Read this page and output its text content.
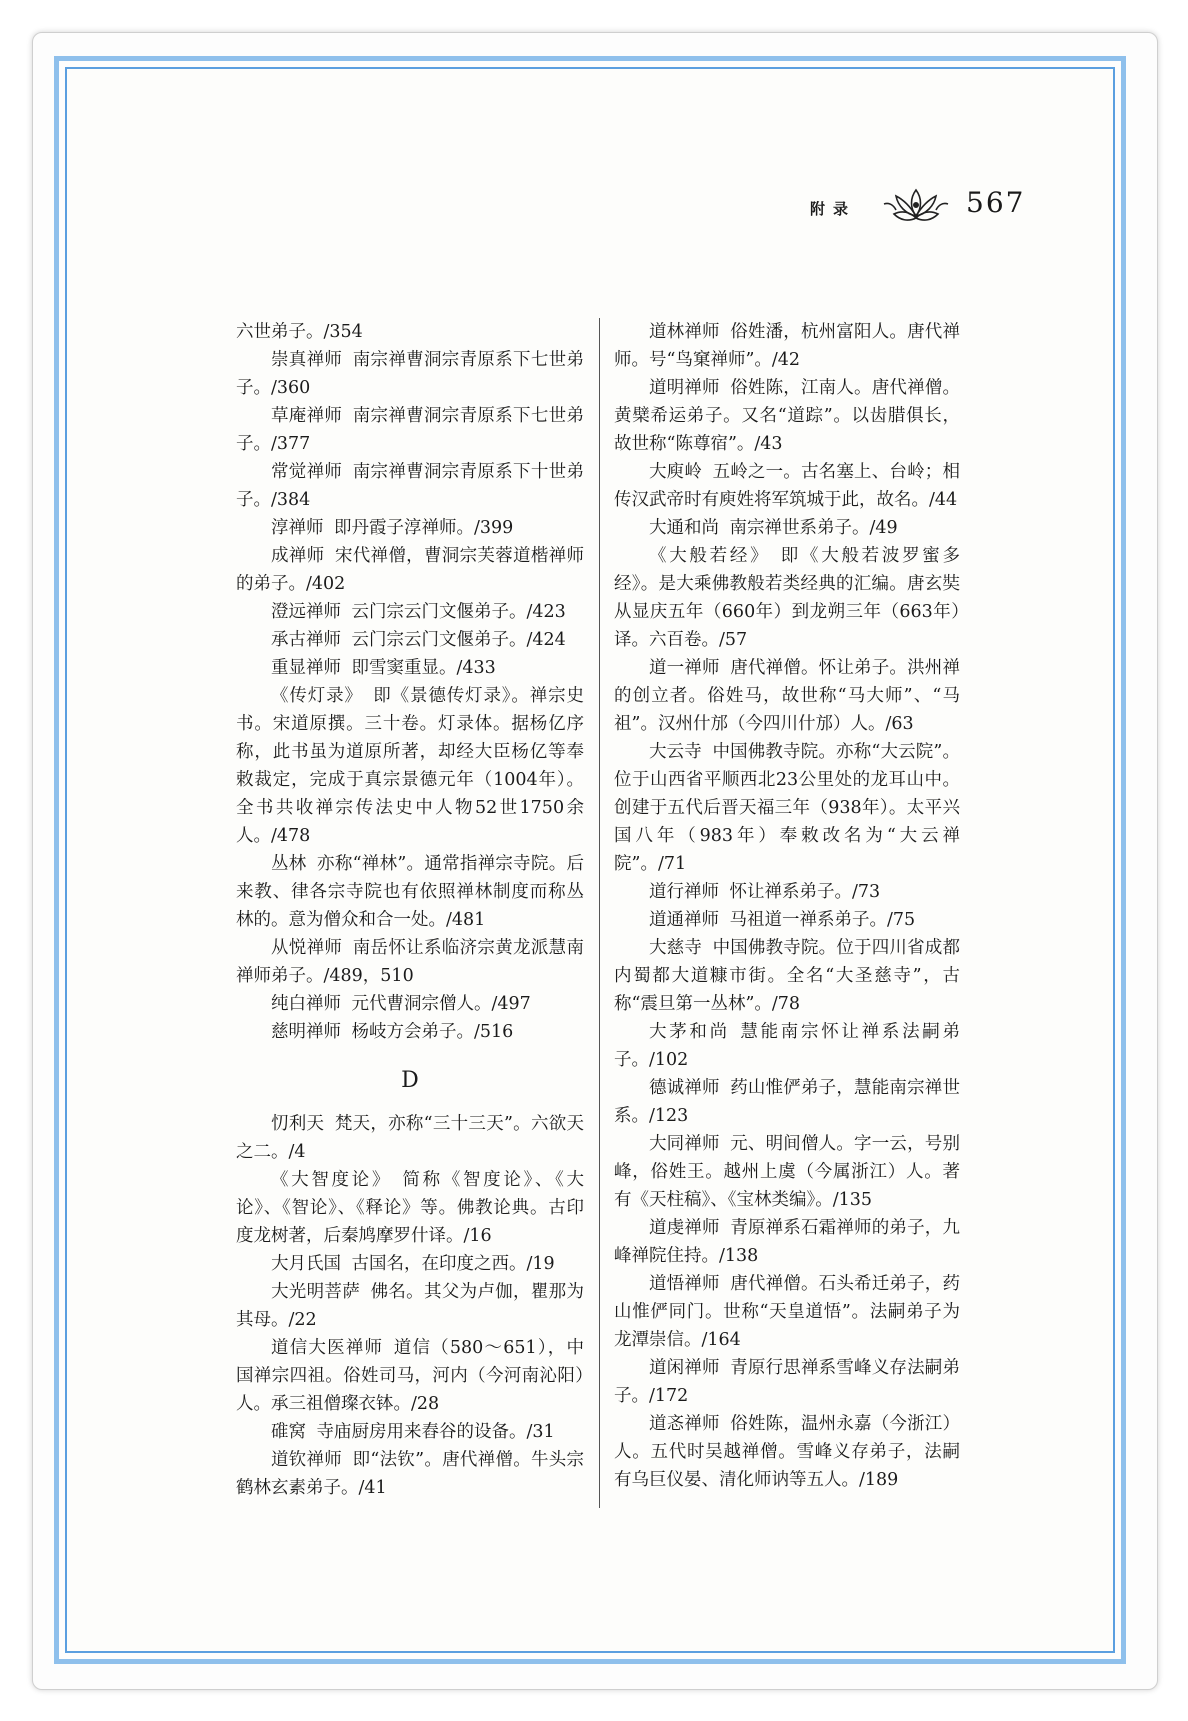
附录	567

六世弟子。/354

崇真禅师 南宗禅曹洞宗青原系下七世弟子。/360

草庵禅师 南宗禅曹洞宗青原系下七世弟子。/377

常觉禅师 南宗禅曹洞宗青原系下十世弟子。/384

淳禅师 即丹霞子淳禅师。/399

成禅师 宋代禅僧，曹洞宗芙蓉道楷禅师的弟子。/402

澄远禅师 云门宗云门文偃弟子。/423

承古禅师 云门宗云门文偃弟子。/424

重显禅师 即雪窦重显。/433

《传灯录》 即《景德传灯录》。禅宗史书。宋道原撰。三十卷。灯录体。据杨亿序称，此书虽为道原所著，却经大臣杨亿等奉敕裁定，完成于真宗景德元年（1004年）。全书共收禅宗传法史中人物52世1750余人。/478

丛林 亦称“禅林”。通常指禅宗寺院。后来教、律各宗寺院也有依照禅林制度而称丛林的。意为僧众和合一处。/481

从悦禅师 南岳怀让系临济宗黄龙派慧南禅师弟子。/489，510

纯白禅师 元代曹洞宗僧人。/497

慈明禅师 杨岐方会弟子。/516

D

忉利天 梵天，亦称“三十三天”。六欲天之二。/4

《大智度论》 简称《智度论》、《大论》、《智论》、《释论》等。佛教论典。古印度龙树著，后秦鸠摩罗什译。/16

大月氏国 古国名，在印度之西。/19

大光明菩萨 佛名。其父为卢伽，瞿那为其母。/22

道信大医禅师 道信（580～651），中国禅宗四祖。俗姓司马，河内（今河南沁阳）人。承三祖僧璨衣钵。/28

碓窝 寺庙厨房用来舂谷的设备。/31

道钦禅师 即“法钦”。唐代禅僧。牛头宗鹤林玄素弟子。/41

道林禅师 俗姓潘，杭州富阳人。唐代禅师。号“鸟窠禅师”。/42

道明禅师 俗姓陈，江南人。唐代禅僧。黄檗希运弟子。又名“道踪”。以齿腊俱长，故世称“陈尊宿”。/43

大庾岭 五岭之一。古名塞上、台岭；相传汉武帝时有庾姓将军筑城于此，故名。/44

大通和尚 南宗禅世系弟子。/49

《大般若经》 即《大般若波罗蜜多经》。是大乘佛教般若类经典的汇编。唐玄奘从显庆五年（660年）到龙朔三年（663年）译。六百卷。/57

道一禅师 唐代禅僧。怀让弟子。洪州禅的创立者。俗姓马，故世称“马大师”、“马祖”。汉州什邡（今四川什邡）人。/63

大云寺 中国佛教寺院。亦称“大云院”。位于山西省平顺西北23公里处的龙耳山中。创建于五代后晋天福三年（938年）。太平兴国八年（983年）奉敕改名为“大云禅院”。/71

道行禅师 怀让禅系弟子。/73

道通禅师 马祖道一禅系弟子。/75

大慈寺 中国佛教寺院。位于四川省成都内蜀都大道糠市街。全名“大圣慈寺”，古称“震旦第一丛林”。/78

大茅和尚 慧能南宗怀让禅系法嗣弟子。/102

德诚禅师 药山惟俨弟子，慧能南宗禅世系。/123

大同禅师 元、明间僧人。字一云，号别峰，俗姓王。越州上虞（今属浙江）人。著有《天柱稿》、《宝林类编》。/135

道虔禅师 青原禅系石霜禅师的弟子，九峰禅院住持。/138

道悟禅师 唐代禅僧。石头希迁弟子，药山惟俨同门。世称“天皇道悟”。法嗣弟子为龙潭崇信。/164

道闲禅师 青原行思禅系雪峰义存法嗣弟子。/172

道忞禅师 俗姓陈，温州永嘉（今浙江）人。五代时吴越禅僧。雪峰义存弟子，法嗣有乌巨仪晏、清化师讷等五人。/189
